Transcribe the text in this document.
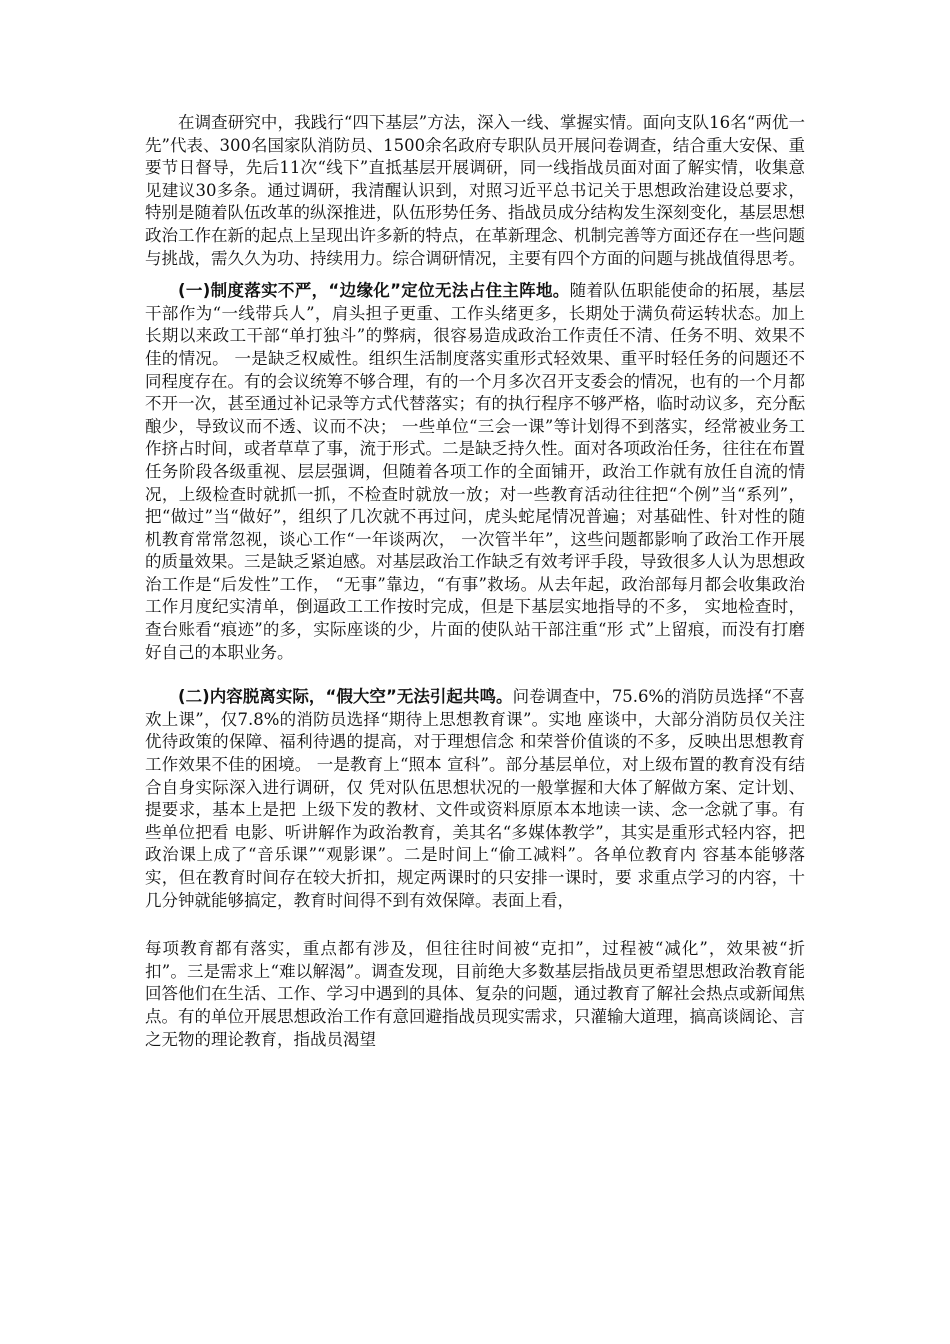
在调查研究中，我践行“四下基层”方法，深入一线、掌握实情。面向支队16名“两优一先”代表、300名国家队消防员、1500余名政府专职队员开展问卷调查，结合重大安保、重要节日督导，先后11次“线下”直抵基层开展调研，同一线指战员面对面了解实情，收集意见建议30多条。通过调研，我清醒认识到，对照习近平总书记关于思想政治建设总要求，特别是随着队伍改革的纵深推进，队伍形势任务、指战员成分结构发生深刻变化，基层思想政治工作在新的起点上呈现出许多新的特点，在革新理念、机制完善等方面还存在一些问题与挑战，需久久为功、持续用力。综合调研情况，主要有四个方面的问题与挑战值得思考。

(一)制度落实不严，“边缘化”定位无法占住主阵地。随着队伍职能使命的拓展，基层干部作为“一线带兵人”，肩头担子更重、工作头绪更多，长期处于满负荷运转状态。加上长期以来政工干部“单打独斗”的弊病，很容易造成政治工作责任不清、任务不明、效果不佳的情况。 一是缺乏权威性。组织生活制度落实重形式轻效果、重平时轻任务的问题还不同程度存在。有的会议统筹不够合理，有的一个月多次召开支委会的情况，也有的一个月都不开一次，甚至通过补记录等方式代替落实；有的执行程序不够严格，临时动议多，充分酝酿少，导致议而不透、议而不决； 一些单位“三会一课”等计划得不到落实，经常被业务工作挤占时间，或者草草了事，流于形式。二是缺乏持久性。面对各项政治任务，往往在布置任务阶段各级重视、层层强调，但随着各项工作的全面铺开，政治工作就有放任自流的情况，上级检查时就抓一抓，不检查时就放一放；对一些教育活动往往把“个例”当“系列”，把“做过”当“做好”，组织了几次就不再过问，虎头蛇尾情况普遍；对基础性、针对性的随机教育常常忽视，谈心工作“一年谈两次， 一次管半年”，这些问题都影响了政治工作开展的质量效果。三是缺乏紧迫感。对基层政治工作缺乏有效考评手段，导致很多人认为思想政治工作是“后发性”工作， “无事”靠边，“有事”救场。从去年起，政治部每月都会收集政治工作月度纪实清单，倒逼政工工作按时完成，但是下基层实地指导的不多， 实地检查时，查台账看“痕迹”的多，实际座谈的少，片面的使队站干部注重“形 式”上留痕，而没有打磨好自己的本职业务。

(二)内容脱离实际，“假大空”无法引起共鸣。问卷调查中，75.6%的消防员选择“不喜欢上课”，仅7.8%的消防员选择“期待上思想教育课”。实地 座谈中，大部分消防员仅关注优待政策的保障、福利待遇的提高，对于理想信念 和荣誉价值谈的不多，反映出思想教育工作效果不佳的困境。 一是教育上“照本 宣科”。部分基层单位，对上级布置的教育没有结合自身实际深入进行调研，仅 凭对队伍思想状况的一般掌握和大体了解做方案、定计划、提要求，基本上是把 上级下发的教材、文件或资料原原本本地读一读、念一念就了事。有些单位把看 电影、听讲解作为政治教育，美其名“多媒体教学”，其实是重形式轻内容，把 政治课上成了“音乐课”“观影课”。二是时间上“偷工减料”。各单位教育内 容基本能够落实，但在教育时间存在较大折扣，规定两课时的只安排一课时，要 求重点学习的内容，十几分钟就能够搞定，教育时间得不到有效保障。表面上看，

每项教育都有落实，重点都有涉及，但往往时间被“克扣”，过程被“减化”，效果被“折扣”。三是需求上“难以解渴”。调查发现，目前绝大多数基层指战员更希望思想政治教育能回答他们在生活、工作、学习中遇到的具体、复杂的问题，通过教育了解社会热点或新闻焦点。有的单位开展思想政治工作有意回避指战员现实需求，只灌输大道理，搞高谈阔论、言之无物的理论教育，指战员渴望
